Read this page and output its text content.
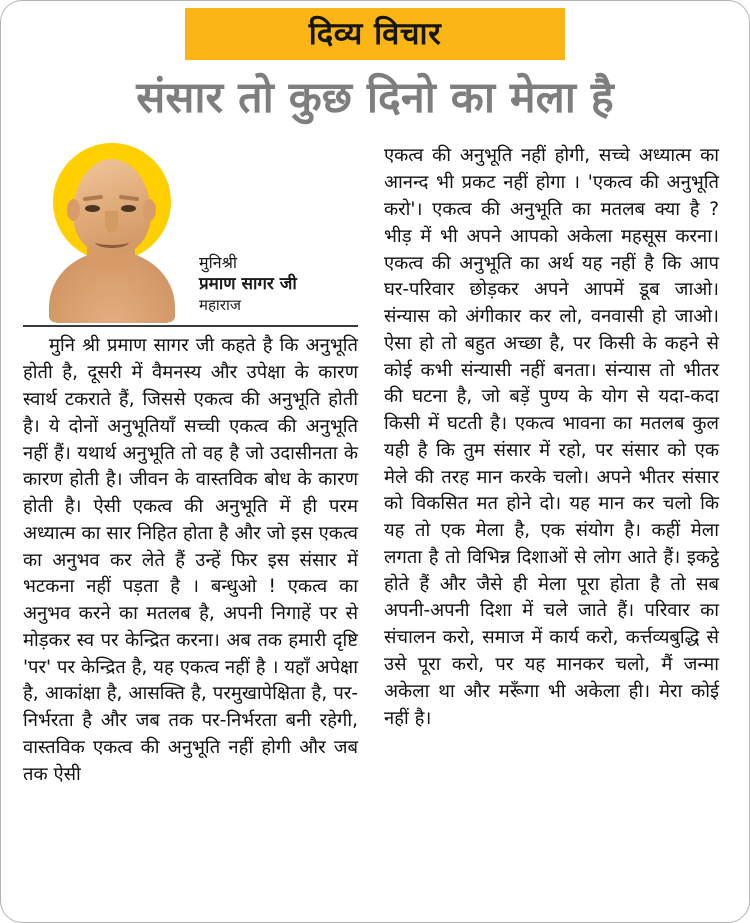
दिव्य विचार
संसार तो कुछ दिनो का मेला है
मुनिश्री
प्रमाण सागर जी
महाराज

मुनि श्री प्रमाण सागर जी कहते है कि अनुभूति होती है, दूसरी में वैमनस्य और उपेक्षा के कारण स्वार्थ टकराते हैं, जिससे एकत्व की अनुभूति होती है। ये दोनों अनुभूतियाँ सच्ची एकत्व की अनुभूति नहीं हैं। यथार्थ अनुभूति तो वह है जो उदासीनता के कारण होती है। जीवन के वास्तविक बोध के कारण होती है। ऐसी एकत्व की अनुभूति में ही परम अध्यात्म का सार निहित होता है और जो इस एकत्व का अनुभव कर लेते हैं उन्हें फिर इस संसार में भटकना नहीं पड़ता है । बन्धुओ ! एकत्व का अनुभव करने का मतलब है, अपनी निगाहें पर से मोड़कर स्व पर केन्द्रित करना। अब तक हमारी दृष्टि 'पर' पर केन्द्रित है, यह एकत्व नहीं है । यहाँ अपेक्षा है, आकांक्षा है, आसक्ति है, परमुखापेक्षिता है, पर-निर्भरता है और जब तक पर-निर्भरता बनी रहेगी, वास्तविक एकत्व की अनुभूति नहीं होगी और जब तक ऐसी

एकत्व की अनुभूति नहीं होगी, सच्चे अध्यात्म का आनन्द भी प्रकट नहीं होगा । 'एकत्व की अनुभूति करो'। एकत्व की अनुभूति का मतलब क्या है ? भीड़ में भी अपने आपको अकेला महसूस करना। एकत्व की अनुभूति का अर्थ यह नहीं है कि आप घर-परिवार छोड़कर अपने आपमें डूब जाओ। संन्यास को अंगीकार कर लो, वनवासी हो जाओ। ऐसा हो तो बहुत अच्छा है, पर किसी के कहने से कोई कभी संन्यासी नहीं बनता। संन्यास तो भीतर की घटना है, जो बड़ें पुण्य के योग से यदा-कदा किसी में घटती है। एकत्व भावना का मतलब कुल यही है कि तुम संसार में रहो, पर संसार को एक मेले की तरह मान करके चलो। अपने भीतर संसार को विकसित मत होने दो। यह मान कर चलो कि यह तो एक मेला है, एक संयोग है। कहीं मेला लगता है तो विभिन्न दिशाओं से लोग आते हैं। इकट्ठे होते हैं और जैसे ही मेला पूरा होता है तो सब अपनी-अपनी दिशा में चले जाते हैं। परिवार का संचालन करो, समाज में कार्य करो, कर्त्तव्यबुद्धि से उसे पूरा करो, पर यह मानकर चलो, मैं जन्मा अकेला था और मरूँगा भी अकेला ही। मेरा कोई नहीं है।
